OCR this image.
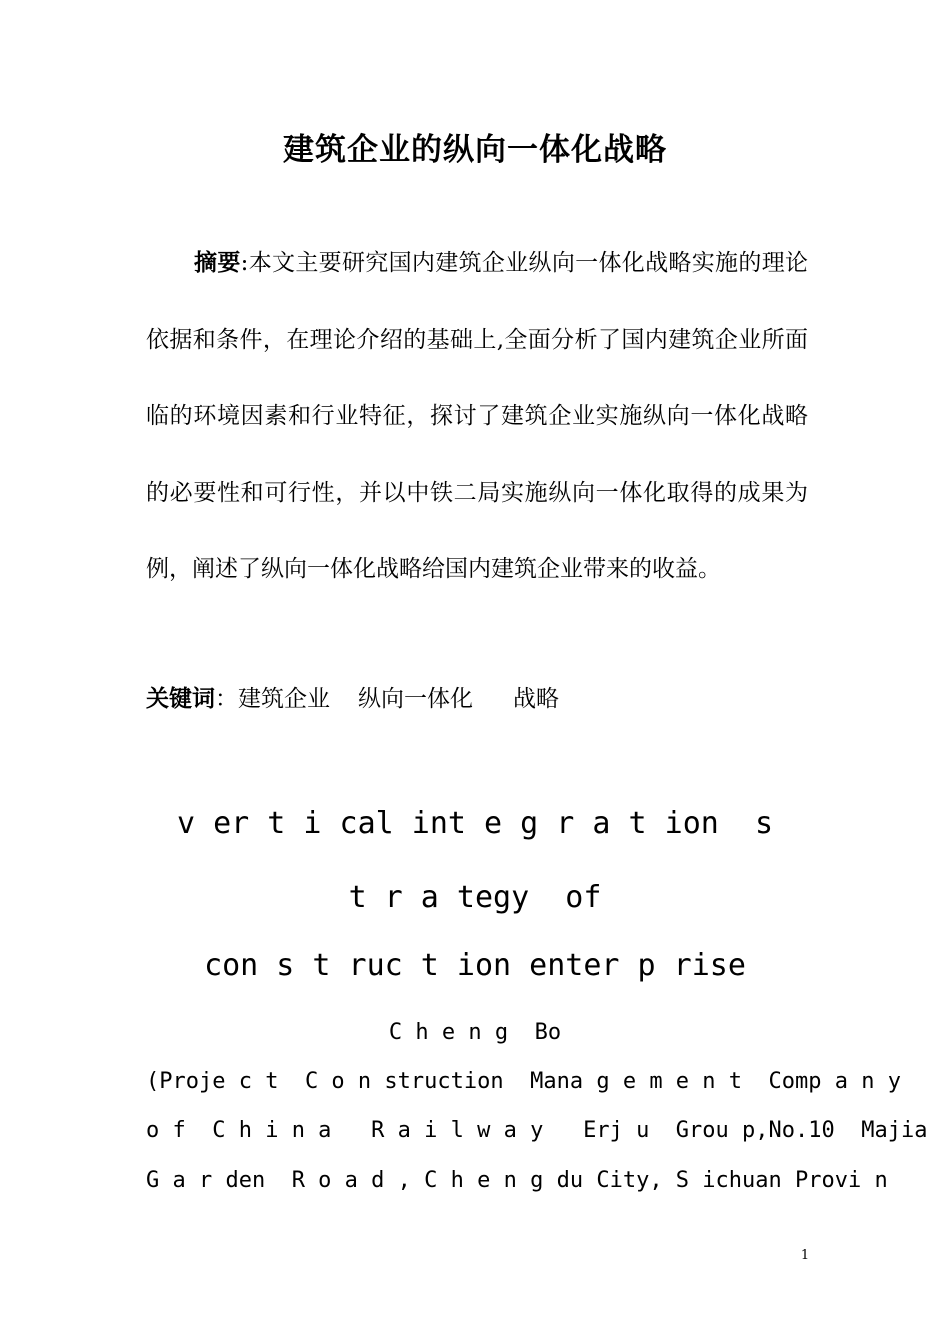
建筑企业的纵向一体化战略

摘要:本文主要研究国内建筑企业纵向一体化战略实施的理论依据和条件，在理论介绍的基础上,全面分析了国内建筑企业所面临的环境因素和行业特征，探讨了建筑企业实施纵向一体化战略的必要性和可行性，并以中铁二局实施纵向一体化取得的成果为例，阐述了纵向一体化战略给国内建筑企业带来的收益。

关键词：建筑企业 纵向一体化 战略
v er t i cal int e g r a t ion  s
t r a tegy  of
con s t ruc t ion enter p rise
C h e n g  Bo
(Proje c t  C o n struction  Mana g e m e n t  Comp a n y
o f  C h i n a   R a i l w a y   Erj u  Grou p,No.10  Majia
G a r den  R o a d , C h e n g du City, S ichuan Provi n
1
